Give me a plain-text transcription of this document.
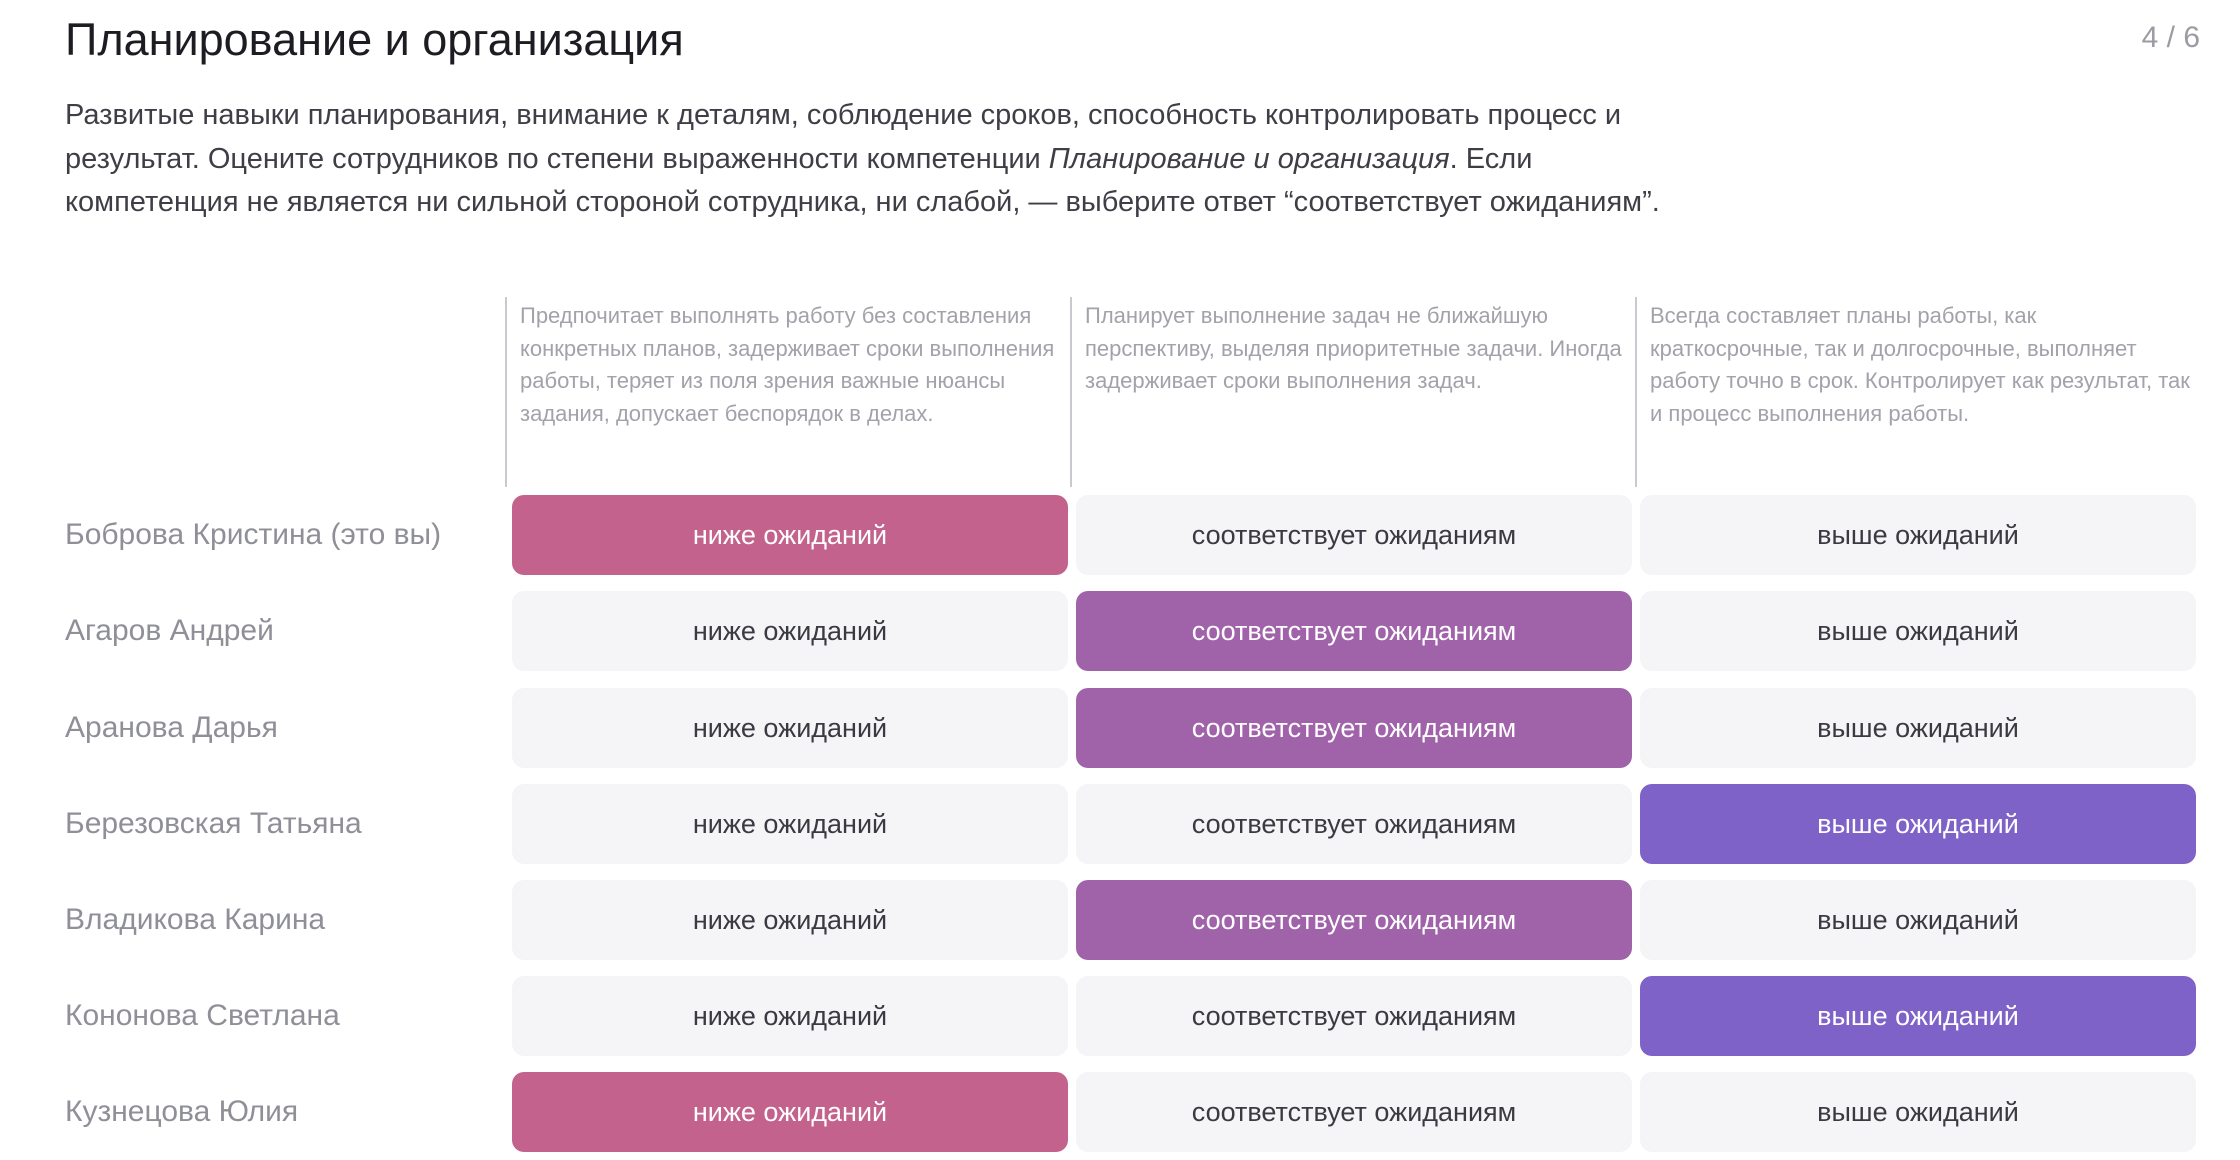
Планирование и организация	4 / 6

Развитые навыки планирования, внимание к деталям, соблюдение сроков, способность контролировать процесс и результат. Оцените сотрудников по степени выраженности компетенции Планирование и организация. Если компетенция не является ни сильной стороной сотрудника, ни слабой, — выберите ответ “соответствует ожиданиям”.

Предпочитает выполнять работу без составления конкретных планов, задерживает сроки выполнения работы, теряет из поля зрения важные нюансы задания, допускает беспорядок в делах.
Планирует выполнение задач не ближайшую перспективу, выделяя приоритетные задачи. Иногда задерживает сроки выполнения задач.
Всегда составляет планы работы, как краткосрочные, так и долгосрочные, выполняет работу точно в срок. Контролирует как результат, так и процесс выполнения работы.
Боброва Кристина (это вы)	ниже ожиданий	соответствует ожиданиям	выше ожиданий
Агаров Андрей	ниже ожиданий	соответствует ожиданиям	выше ожиданий
Аранова Дарья	ниже ожиданий	соответствует ожиданиям	выше ожиданий
Березовская Татьяна	ниже ожиданий	соответствует ожиданиям	выше ожиданий
Владикова Карина	ниже ожиданий	соответствует ожиданиям	выше ожиданий
Кононова Светлана	ниже ожиданий	соответствует ожиданиям	выше ожиданий
Кузнецова Юлия	ниже ожиданий	соответствует ожиданиям	выше ожиданий
